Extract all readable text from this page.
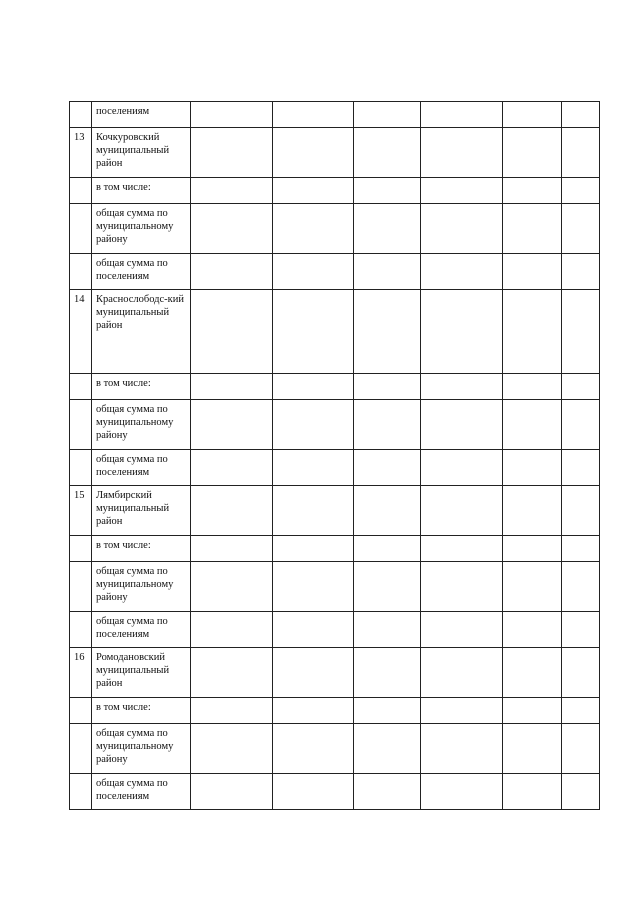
	поселениям						
13	Кочкуровский муниципальный район						
	в том числе:						
	общая сумма по муниципальному району						
	общая сумма по поселениям						
14	Краснослободс-кий муниципальный район						
	в том числе:						
	общая сумма по муниципальному району						
	общая сумма по поселениям						
15	Лямбирский муниципальный район						
	в том числе:						
	общая сумма по муниципальному району						
	общая сумма по поселениям						
16	Ромодановский муниципальный район						
	в том числе:						
	общая сумма по муниципальному району						
	общая сумма по поселениям						
